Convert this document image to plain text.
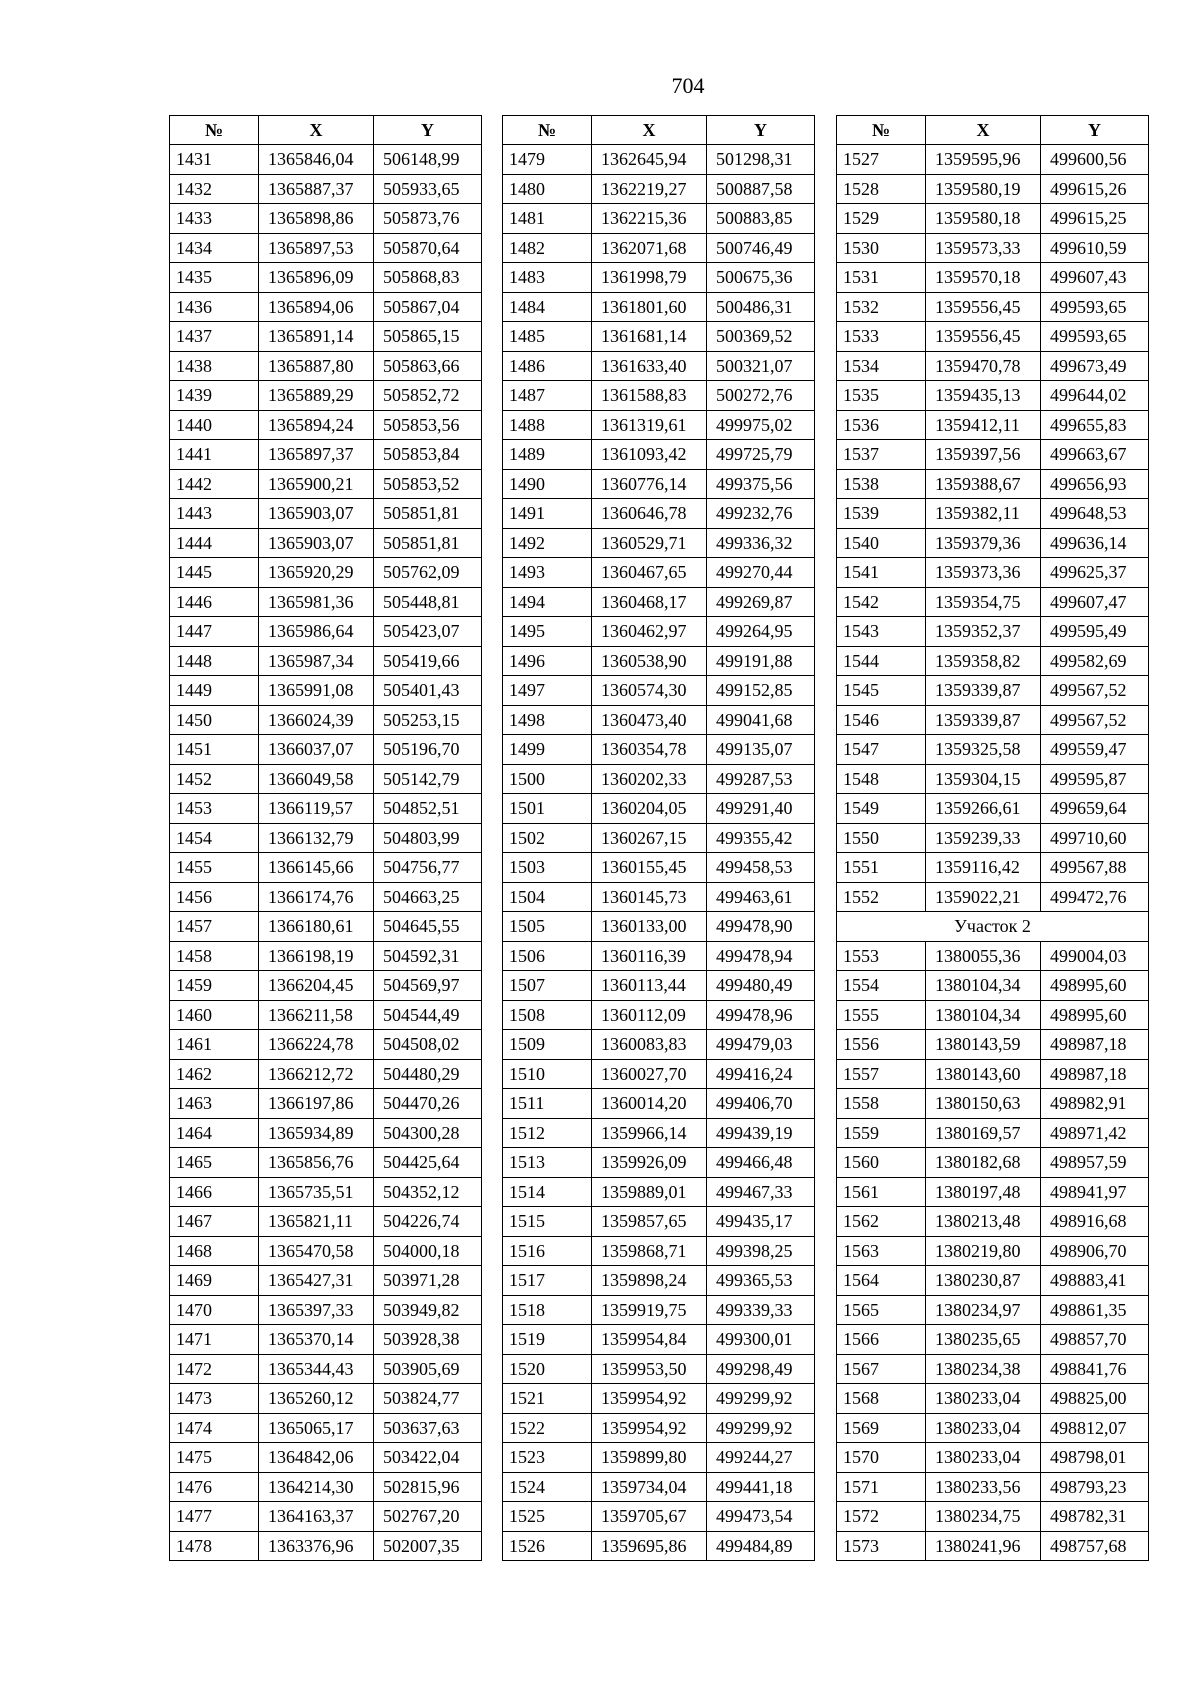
704
№	X	Y
1431	1365846,04	506148,99
1432	1365887,37	505933,65
1433	1365898,86	505873,76
1434	1365897,53	505870,64
1435	1365896,09	505868,83
1436	1365894,06	505867,04
1437	1365891,14	505865,15
1438	1365887,80	505863,66
1439	1365889,29	505852,72
1440	1365894,24	505853,56
1441	1365897,37	505853,84
1442	1365900,21	505853,52
1443	1365903,07	505851,81
1444	1365903,07	505851,81
1445	1365920,29	505762,09
1446	1365981,36	505448,81
1447	1365986,64	505423,07
1448	1365987,34	505419,66
1449	1365991,08	505401,43
1450	1366024,39	505253,15
1451	1366037,07	505196,70
1452	1366049,58	505142,79
1453	1366119,57	504852,51
1454	1366132,79	504803,99
1455	1366145,66	504756,77
1456	1366174,76	504663,25
1457	1366180,61	504645,55
1458	1366198,19	504592,31
1459	1366204,45	504569,97
1460	1366211,58	504544,49
1461	1366224,78	504508,02
1462	1366212,72	504480,29
1463	1366197,86	504470,26
1464	1365934,89	504300,28
1465	1365856,76	504425,64
1466	1365735,51	504352,12
1467	1365821,11	504226,74
1468	1365470,58	504000,18
1469	1365427,31	503971,28
1470	1365397,33	503949,82
1471	1365370,14	503928,38
1472	1365344,43	503905,69
1473	1365260,12	503824,77
1474	1365065,17	503637,63
1475	1364842,06	503422,04
1476	1364214,30	502815,96
1477	1364163,37	502767,20
1478	1363376,96	502007,35
№	X	Y
1479	1362645,94	501298,31
1480	1362219,27	500887,58
1481	1362215,36	500883,85
1482	1362071,68	500746,49
1483	1361998,79	500675,36
1484	1361801,60	500486,31
1485	1361681,14	500369,52
1486	1361633,40	500321,07
1487	1361588,83	500272,76
1488	1361319,61	499975,02
1489	1361093,42	499725,79
1490	1360776,14	499375,56
1491	1360646,78	499232,76
1492	1360529,71	499336,32
1493	1360467,65	499270,44
1494	1360468,17	499269,87
1495	1360462,97	499264,95
1496	1360538,90	499191,88
1497	1360574,30	499152,85
1498	1360473,40	499041,68
1499	1360354,78	499135,07
1500	1360202,33	499287,53
1501	1360204,05	499291,40
1502	1360267,15	499355,42
1503	1360155,45	499458,53
1504	1360145,73	499463,61
1505	1360133,00	499478,90
1506	1360116,39	499478,94
1507	1360113,44	499480,49
1508	1360112,09	499478,96
1509	1360083,83	499479,03
1510	1360027,70	499416,24
1511	1360014,20	499406,70
1512	1359966,14	499439,19
1513	1359926,09	499466,48
1514	1359889,01	499467,33
1515	1359857,65	499435,17
1516	1359868,71	499398,25
1517	1359898,24	499365,53
1518	1359919,75	499339,33
1519	1359954,84	499300,01
1520	1359953,50	499298,49
1521	1359954,92	499299,92
1522	1359954,92	499299,92
1523	1359899,80	499244,27
1524	1359734,04	499441,18
1525	1359705,67	499473,54
1526	1359695,86	499484,89
№	X	Y
1527	1359595,96	499600,56
1528	1359580,19	499615,26
1529	1359580,18	499615,25
1530	1359573,33	499610,59
1531	1359570,18	499607,43
1532	1359556,45	499593,65
1533	1359556,45	499593,65
1534	1359470,78	499673,49
1535	1359435,13	499644,02
1536	1359412,11	499655,83
1537	1359397,56	499663,67
1538	1359388,67	499656,93
1539	1359382,11	499648,53
1540	1359379,36	499636,14
1541	1359373,36	499625,37
1542	1359354,75	499607,47
1543	1359352,37	499595,49
1544	1359358,82	499582,69
1545	1359339,87	499567,52
1546	1359339,87	499567,52
1547	1359325,58	499559,47
1548	1359304,15	499595,87
1549	1359266,61	499659,64
1550	1359239,33	499710,60
1551	1359116,42	499567,88
1552	1359022,21	499472,76
Участок 2		
1553	1380055,36	499004,03
1554	1380104,34	498995,60
1555	1380104,34	498995,60
1556	1380143,59	498987,18
1557	1380143,60	498987,18
1558	1380150,63	498982,91
1559	1380169,57	498971,42
1560	1380182,68	498957,59
1561	1380197,48	498941,97
1562	1380213,48	498916,68
1563	1380219,80	498906,70
1564	1380230,87	498883,41
1565	1380234,97	498861,35
1566	1380235,65	498857,70
1567	1380234,38	498841,76
1568	1380233,04	498825,00
1569	1380233,04	498812,07
1570	1380233,04	498798,01
1571	1380233,56	498793,23
1572	1380234,75	498782,31
1573	1380241,96	498757,68
